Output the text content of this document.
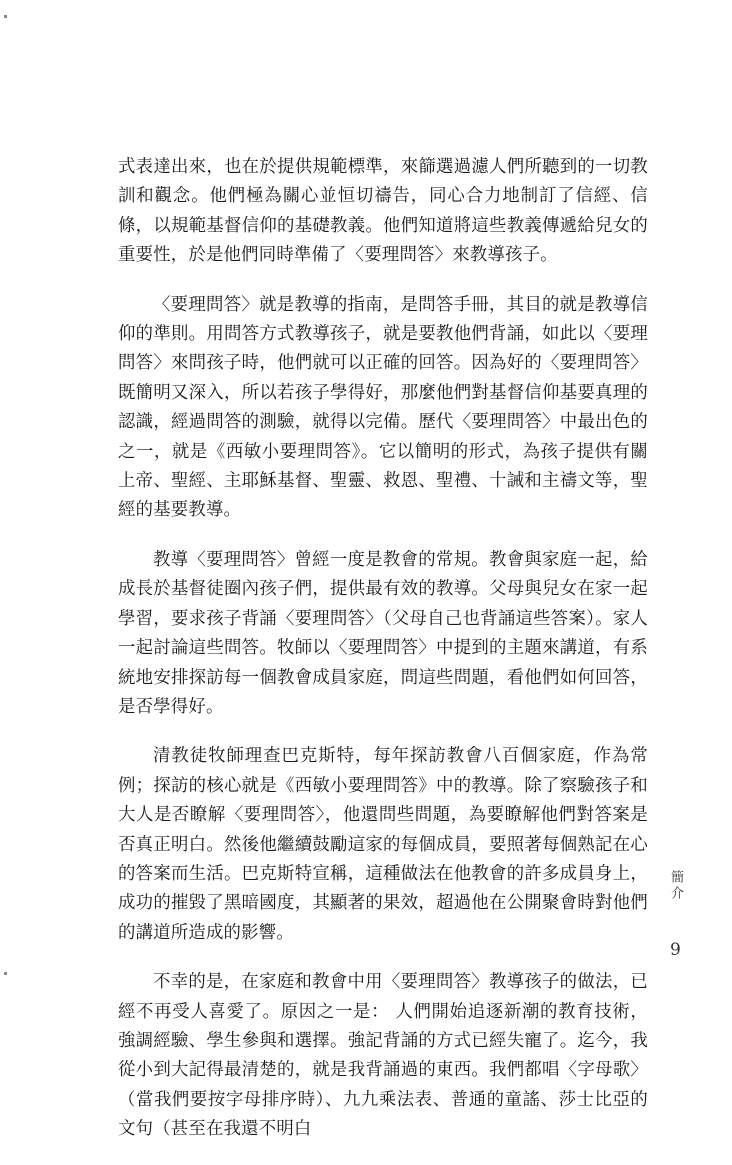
式表達出來，也在於提供規範標準，來篩選過濾人們所聽到的一切教訓和觀念。他們極為關心並恒切禱告，同心合力地制訂了信經、信條，以規範基督信仰的基礎教義。他們知道將這些教義傳遞給兒女的重要性，於是他們同時準備了〈要理問答〉來教導孩子。

〈要理問答〉就是教導的指南，是問答手冊，其目的就是教導信仰的準則。用問答方式教導孩子，就是要教他們背誦，如此以〈要理問答〉來問孩子時，他們就可以正確的回答。因為好的〈要理問答〉既簡明又深入，所以若孩子學得好，那麼他們對基督信仰基要真理的認識，經過問答的測驗，就得以完備。歷代〈要理問答〉中最出色的之一，就是《西敏小要理問答》。它以簡明的形式，為孩子提供有關上帝、聖經、主耶穌基督、聖靈、救恩、聖禮、十誡和主禱文等，聖經的基要教導。

教導〈要理問答〉曾經一度是教會的常規。教會與家庭一起，給成長於基督徒圈內孩子們，提供最有效的教導。父母與兒女在家一起學習，要求孩子背誦〈要理問答〉（父母自己也背誦這些答案）。家人一起討論這些問答。牧師以〈要理問答〉中提到的主題來講道，有系統地安排探訪每一個教會成員家庭，問這些問題，看他們如何回答，是否學得好。

清教徒牧師理查巴克斯特，每年探訪教會八百個家庭，作為常例；探訪的核心就是《西敏小要理問答》中的教導。除了察驗孩子和大人是否瞭解〈要理問答〉，他還問些問題，為要瞭解他們對答案是否真正明白。然後他繼續鼓勵這家的每個成員，要照著每個熟記在心的答案而生活。巴克斯特宣稱，這種做法在他教會的許多成員身上，成功的摧毀了黑暗國度，其顯著的果效，超過他在公開聚會時對他們的講道所造成的影響。

不幸的是，在家庭和教會中用〈要理問答〉教導孩子的做法，已經不再受人喜愛了。原因之一是： 人們開始追逐新潮的教育技術，強調經驗、學生參與和選擇。強記背誦的方式已經失寵了。迄今，我從小到大記得最清楚的，就是我背誦過的東西。我們都唱〈字母歌〉（當我們要按字母排序時）、九九乘法表、普通的童謠、莎士比亞的文句（甚至在我還不明白

簡介
9
